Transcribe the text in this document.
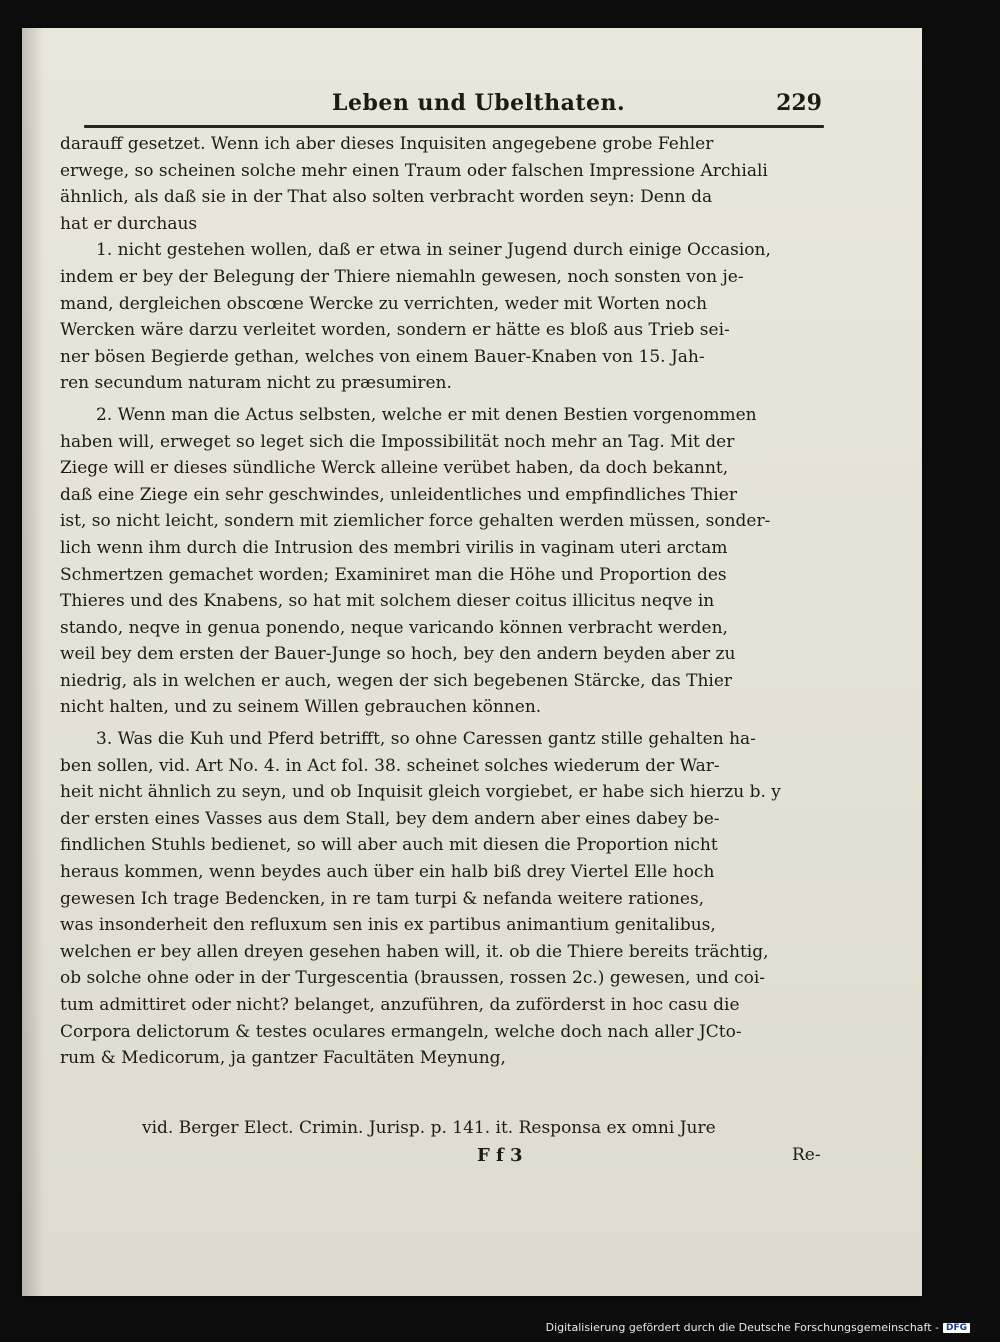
Leben und Ubelthaten.	229
darauff gesetzet. Wenn ich aber dieses Inquisiten angegebene grobe Fehler
erwege, so scheinen solche mehr einen Traum oder falschen Impressione Archiali
ähnlich, als daß sie in der That also solten verbracht worden seyn: Denn da
hat er durchaus
1. nicht gestehen wollen, daß er etwa in seiner Jugend durch einige Occasion,
indem er bey der Belegung der Thiere niemahln gewesen, noch sonsten von je-
mand, dergleichen obscœne Wercke zu verrichten, weder mit Worten noch
Wercken wäre darzu verleitet worden, sondern er hätte es bloß aus Trieb sei-
ner bösen Begierde gethan, welches von einem Bauer-Knaben von 15. Jah-
ren secundum naturam nicht zu præsumiren.
2. Wenn man die Actus selbsten, welche er mit denen Bestien vorgenommen
haben will, erweget so leget sich die Impossibilität noch mehr an Tag. Mit der
Ziege will er dieses sündliche Werck alleine verübet haben, da doch bekannt,
daß eine Ziege ein sehr geschwindes, unleidentliches und empfindliches Thier
ist, so nicht leicht, sondern mit ziemlicher force gehalten werden müssen, sonder-
lich wenn ihm durch die Intrusion des membri virilis in vaginam uteri arctam
Schmertzen gemachet worden; Examiniret man die Höhe und Proportion des
Thieres und des Knabens, so hat mit solchem dieser coitus illicitus neqve in
stando, neqve in genua ponendo, neque varicando können verbracht werden,
weil bey dem ersten der Bauer-Junge so hoch, bey den andern beyden aber zu
niedrig, als in welchen er auch, wegen der sich begebenen Stärcke, das Thier
nicht halten, und zu seinem Willen gebrauchen können.
3. Was die Kuh und Pferd betrifft, so ohne Caressen gantz stille gehalten ha-
ben sollen, vid. Art No. 4. in Act fol. 38. scheinet solches wiederum der War-
heit nicht ähnlich zu seyn, und ob Inquisit gleich vorgiebet, er habe sich hierzu b. y
der ersten eines Vasses aus dem Stall, bey dem andern aber eines dabey be-
findlichen Stuhls bedienet, so will aber auch mit diesen die Proportion nicht
heraus kommen, wenn beydes auch über ein halb biß drey Viertel Elle hoch
gewesen Ich trage Bedencken, in re tam turpi & nefanda weitere rationes,
was insonderheit den refluxum sen inis ex partibus animantium genitalibus,
welchen er bey allen dreyen gesehen haben will, it. ob die Thiere bereits trächtig,
ob solche ohne oder in der Turgescentia (braussen, rossen 2c.) gewesen, und coi-
tum admittiret oder nicht? belanget, anzuführen, da zuförderst in hoc casu die
Corpora delictorum & testes oculares ermangeln, welche doch nach aller JCto-
rum & Medicorum, ja gantzer Facultäten Meynung,
vid. Berger Elect. Crimin. Jurisp. p. 141. it. Responsa ex omni Jure
F f 3	Re-
Digitalisierung gefördert durch die Deutsche Forschungsgemeinschaft - DFG
